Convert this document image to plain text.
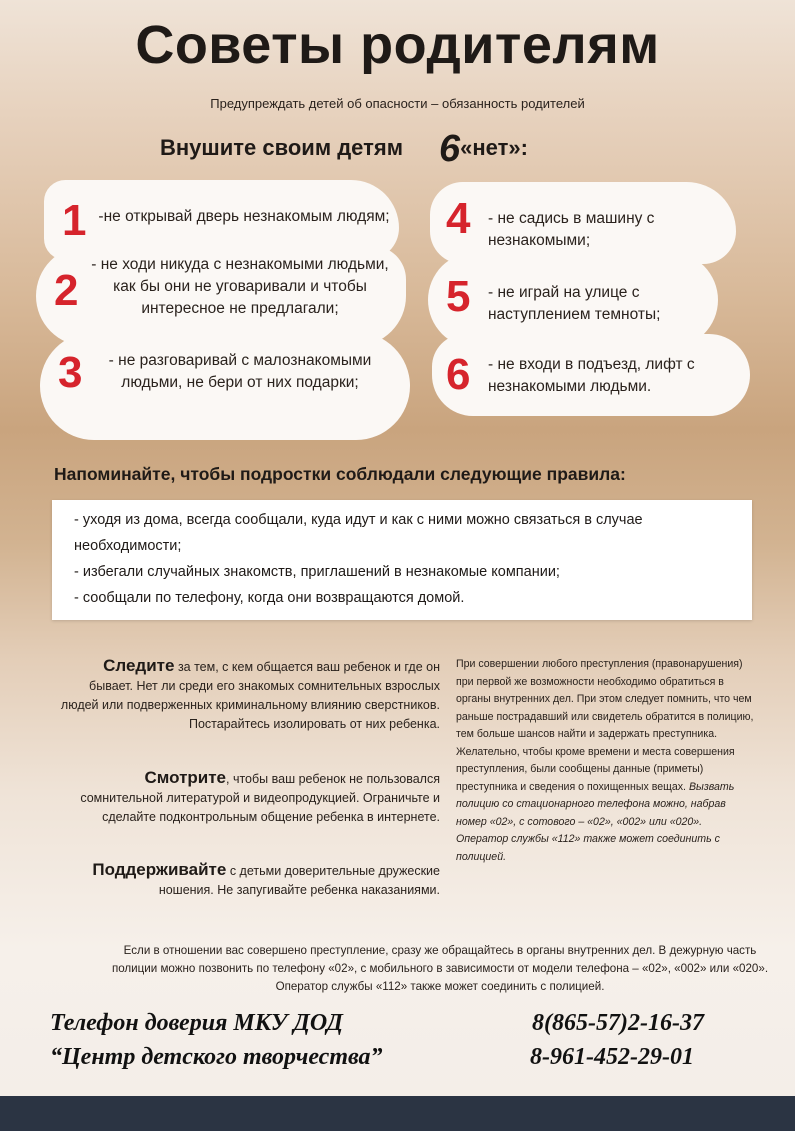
Советы родителям
Предупреждать детей об опасности – обязанность родителей
Внушите своим детям 6«нет»:
1 -не открывай дверь незнакомым людям;
2
- не ходи никуда с незнакомыми людьми, как бы они не уговаривали и чтобы интересное не предлагали;
3	- не разговаривай с малознакомыми людьми, не бери от них подарки;
4 - не садись в машину с незнакомыми;
5 - не играй на улице с наступлением темноты;
6 - не входи в подъезд, лифт с незнакомыми людьми.
Напоминайте, чтобы подростки соблюдали следующие правила:
- уходя из дома, всегда сообщали, куда идут и как с ними можно связаться в случае необходимости;
- избегали случайных знакомств, приглашений в незнакомые компании;
- сообщали по телефону, когда они возвращаются домой.
Следите за тем, с кем общается ваш ребенок и где он бывает. Нет ли среди его знакомых сомнительных взрослых людей или подверженных криминальному влиянию сверстников. Постарайтесь изолировать от них ребенка.
Смотрите, чтобы ваш ребенок не пользовался сомнительной литературой и видеопродукцией. Ограничьте и сделайте подконтрольным общение ребенка в интернете.
Поддерживайте с детьми доверительные дружеские ношения. Не запугивайте ребенка наказаниями.
При совершении любого преступления (правонарушения) при первой же возможности необходимо обратиться в органы внутренних дел. При этом следует помнить, что чем раньше пострадавший или свидетель обратится в полицию, тем больше шансов найти и задержать преступника. Желательно, чтобы кроме времени и места совершения преступления, были сообщены данные (приметы) преступника и сведения о похищенных вещах. Вызвать полицию со стационарного телефона можно, набрав номер «02», с сотового – «02», «002» или «020». Оператор службы «112» также может соединить с полицией.
Если в отношении вас совершено преступление, сразу же обращайтесь в органы внутренних дел. В дежурную часть полиции можно позвонить по телефону «02», с мобильного в зависимости от модели телефона – «02», «002» или «020». Оператор службы «112» также может соединить с полицией.
Телефон доверия МКУ ДОД	8(865-57)2-16-37
“Центр детского творчества”	8-961-452-29-01
